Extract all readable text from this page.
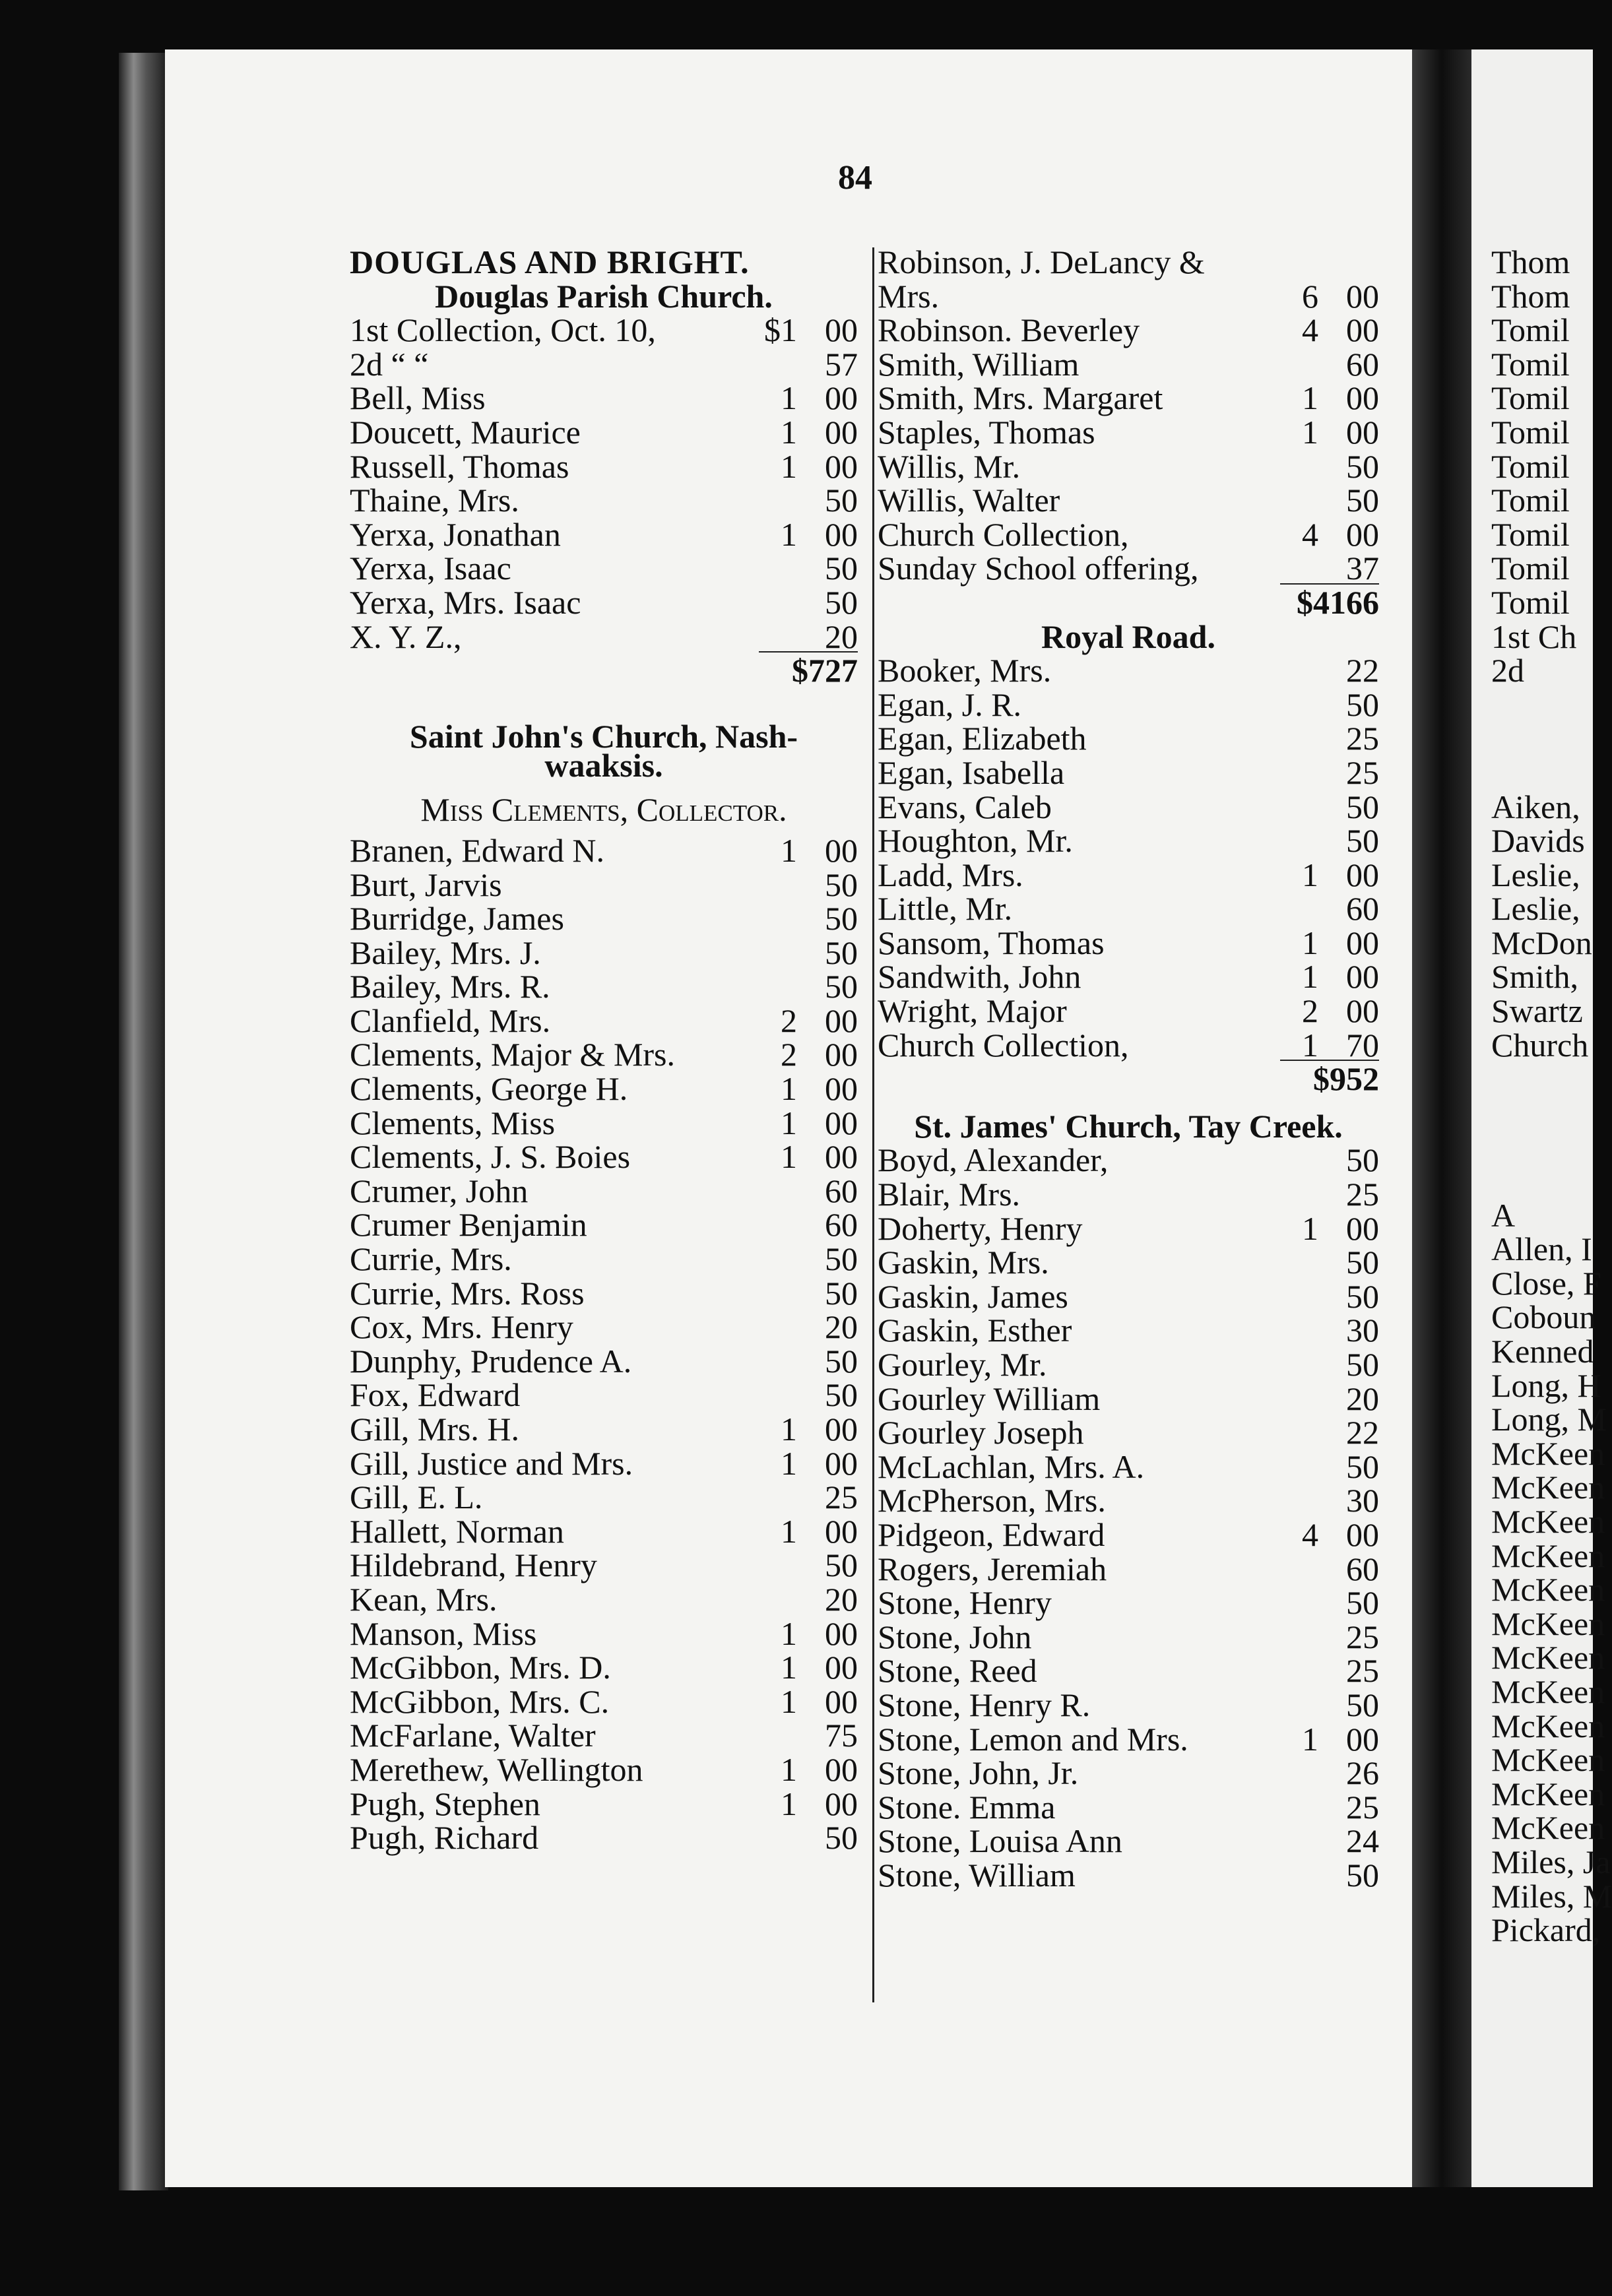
84
DOUGLAS AND BRIGHT.
Douglas Parish Church.
1st Collection, Oct. 10,	$1 00
2d “ “	57
Bell, Miss	1 00
Doucett, Maurice	1 00
Russell, Thomas	1 00
Thaine, Mrs.	50
Yerxa, Jonathan	1 00
Yerxa, Isaac	50
Yerxa, Mrs. Isaac	50
X. Y. Z.,	20
$7 27
Saint John's Church, Nash-
waaksis.
Miss Clements, Collector.
Branen, Edward N.	1 00
Burt, Jarvis	50
Burridge, James	50
Bailey, Mrs. J.	50
Bailey, Mrs. R.	50
Clanfield, Mrs.	2 00
Clements, Major & Mrs.	2 00
Clements, George H.	1 00
Clements, Miss	1 00
Clements, J. S. Boies	1 00
Crumer, John	60
Crumer Benjamin	60
Currie, Mrs.	50
Currie, Mrs. Ross	50
Cox, Mrs. Henry	20
Dunphy, Prudence A.	50
Fox, Edward	50
Gill, Mrs. H.	1 00
Gill, Justice and Mrs.	1 00
Gill, E. L.	25
Hallett, Norman	1 00
Hildebrand, Henry	50
Kean, Mrs.	20
Manson, Miss	1 00
McGibbon, Mrs. D.	1 00
McGibbon, Mrs. C.	1 00
McFarlane, Walter	75
Merethew, Wellington	1 00
Pugh, Stephen	1 00
Pugh, Richard	50
Robinson, J. DeLancy &
Mrs.	6 00
Robinson. Beverley	4 00
Smith, William	60
Smith, Mrs. Margaret	1 00
Staples, Thomas	1 00
Willis, Mr.	50
Willis, Walter	50
Church Collection,	4 00
Sunday School offering,	37
$41 66
Royal Road.
Booker, Mrs.	22
Egan, J. R.	50
Egan, Elizabeth	25
Egan, Isabella	25
Evans, Caleb	50
Houghton, Mr.	50
Ladd, Mrs.	1 00
Little, Mr.	60
Sansom, Thomas	1 00
Sandwith, John	1 00
Wright, Major	2 00
Church Collection,	1 70
$9 52
St. James' Church, Tay Creek.
Boyd, Alexander,	50
Blair, Mrs.	25
Doherty, Henry	1 00
Gaskin, Mrs.	50
Gaskin, James	50
Gaskin, Esther	30
Gourley, Mr.	50
Gourley William	20
Gourley Joseph	22
McLachlan, Mrs. A.	50
McPherson, Mrs.	30
Pidgeon, Edward	4 00
Rogers, Jeremiah	60
Stone, Henry	50
Stone, John	25
Stone, Reed	25
Stone, Henry R.	50
Stone, Lemon and Mrs.	1 00
Stone, John, Jr.	26
Stone. Emma	25
Stone, Louisa Ann	24
Stone, William	50
Thom
Thom
Tomil
Tomil
Tomil
Tomil
Tomil
Tomil
Tomil
Tomil
Tomil
1st Ch
2d
Aiken,
Davids
Leslie,
Leslie,
McDon
Smith,
Swartz
Church
A
Allen, I
Close, F
Coboun
Kenned
Long, H
Long, M
McKeen
McKeen
McKeen
McKeen
McKeen
McKeen
McKeen
McKeen
McKeen
McKeen
McKeen
McKeen
Miles, Ja
Miles, M
Pickard,
